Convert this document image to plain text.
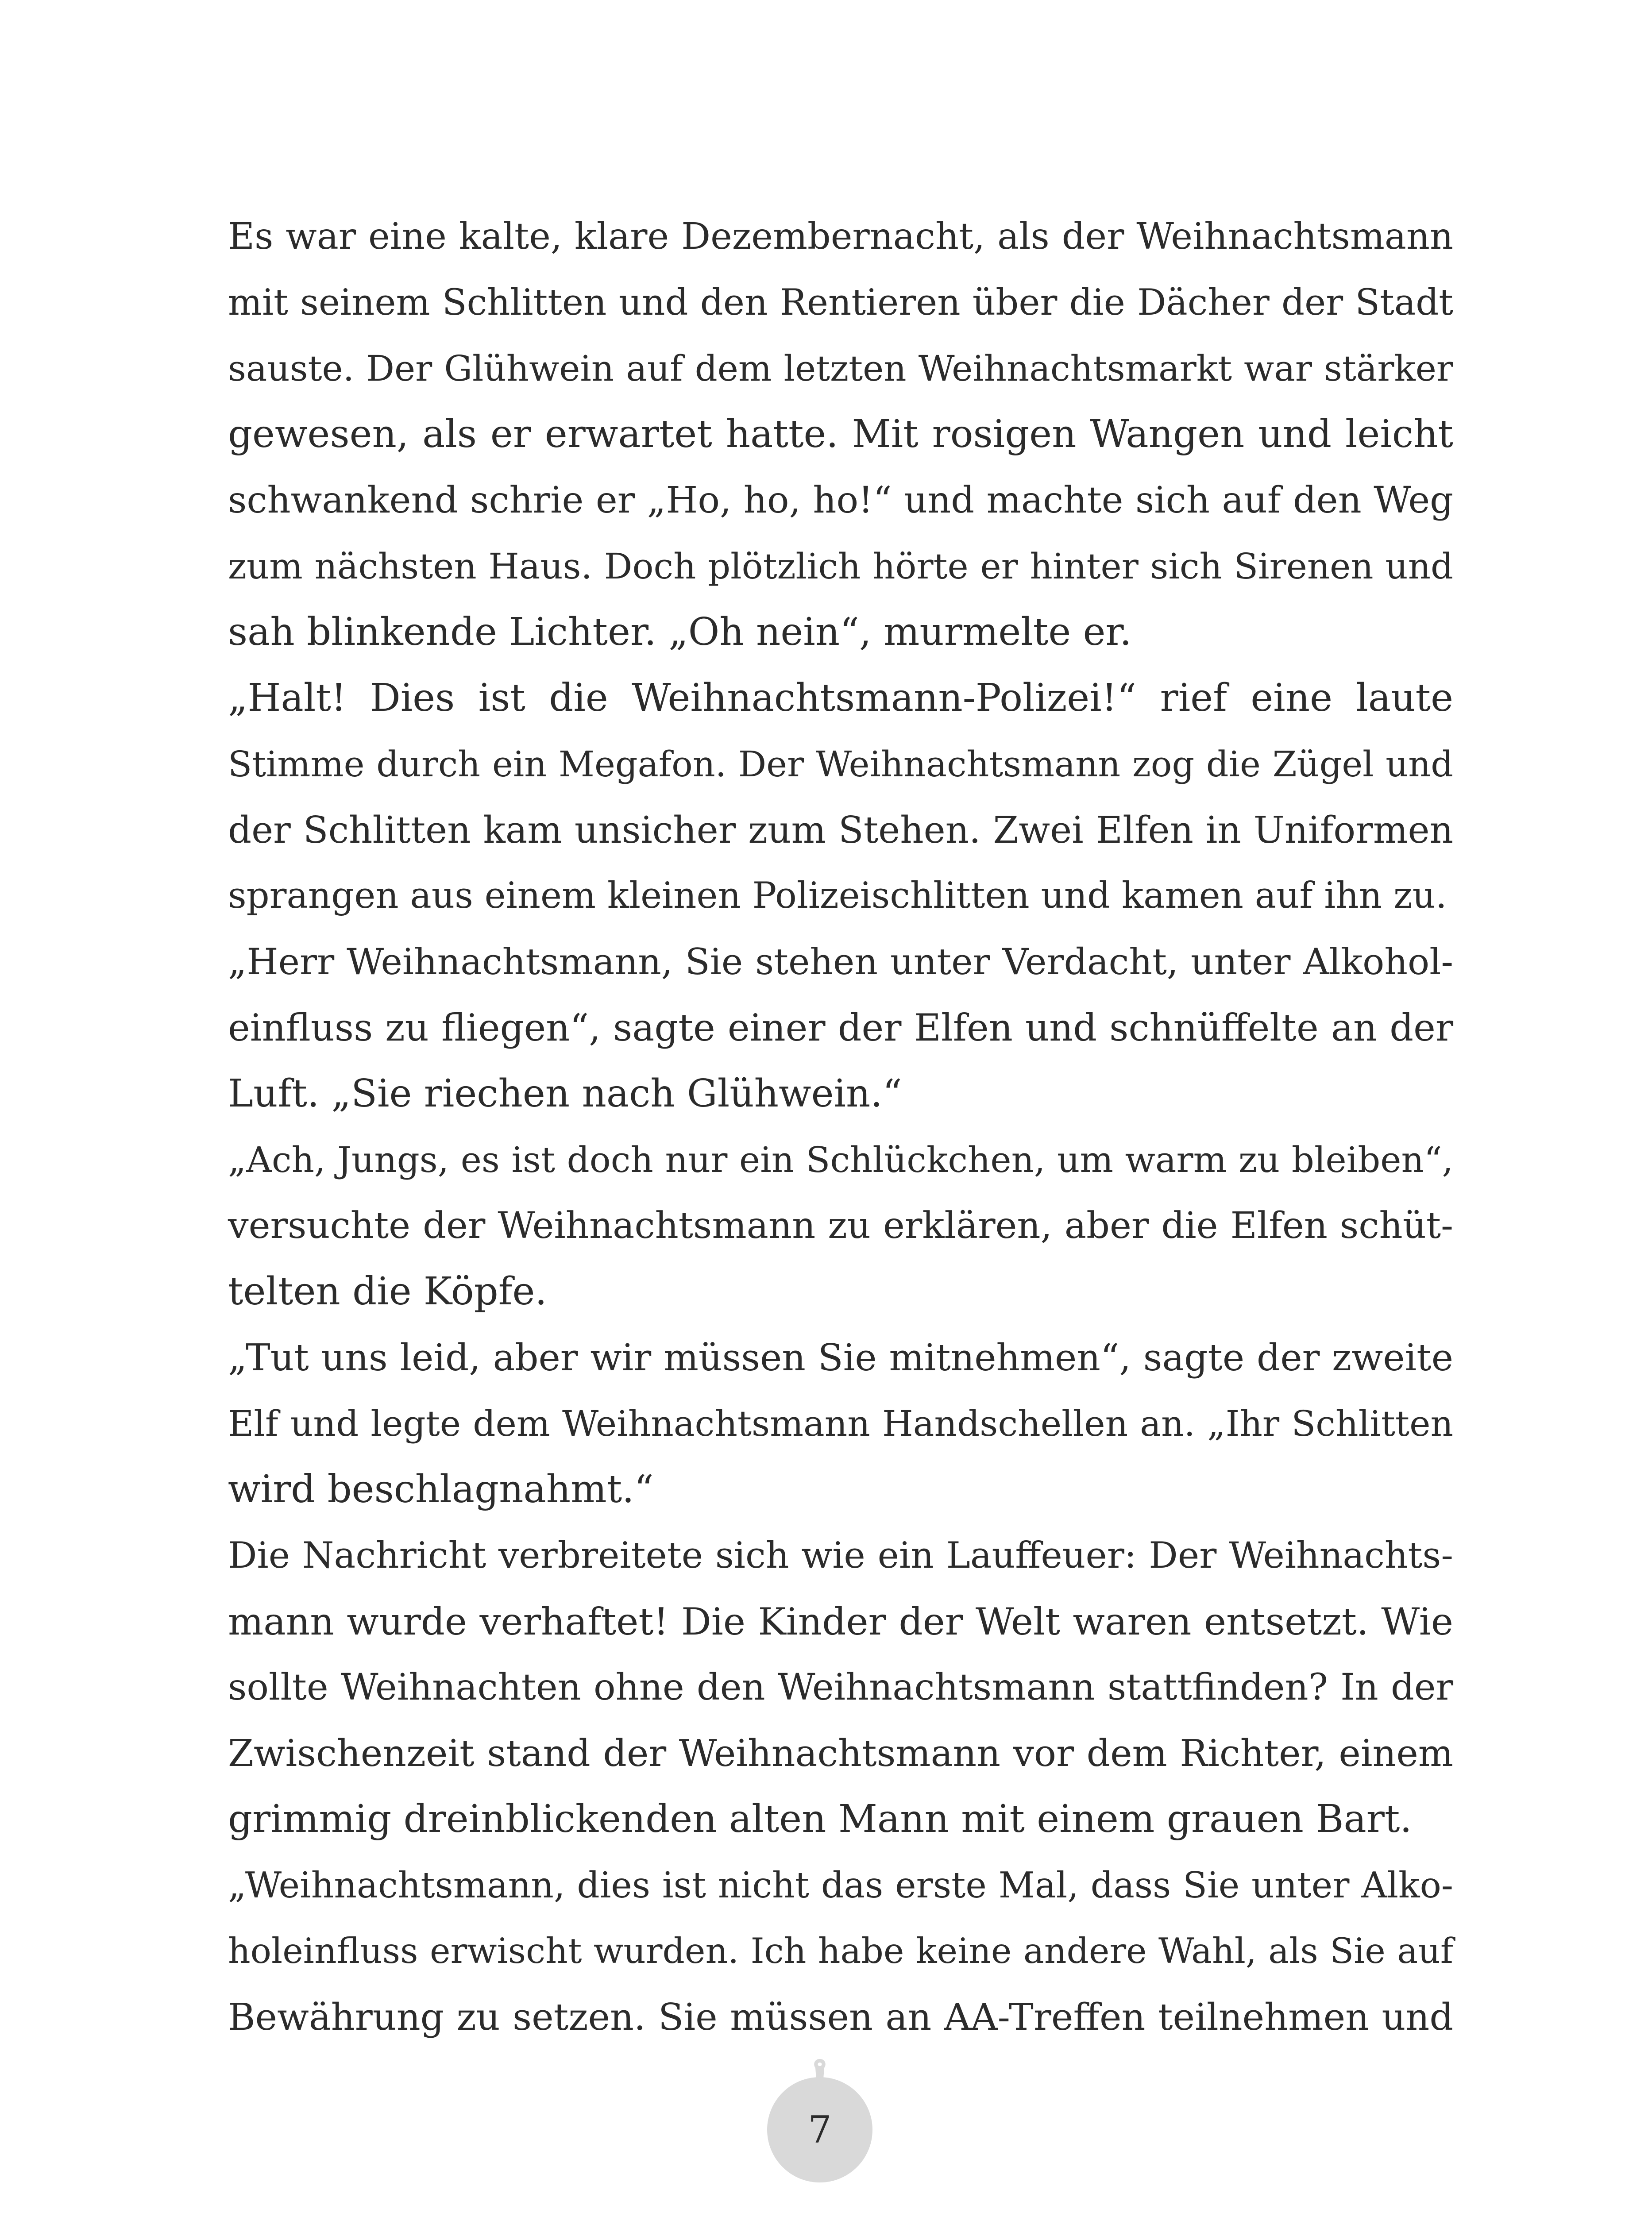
Es war eine kalte, klare Dezembernacht, als der Weihnachtsmann
mit seinem Schlitten und den Rentieren über die Dächer der Stadt
sauste. Der Glühwein auf dem letzten Weihnachtsmarkt war stärker
gewesen, als er erwartet hatte. Mit rosigen Wangen und leicht
schwankend schrie er „Ho, ho, ho!“ und machte sich auf den Weg
zum nächsten Haus. Doch plötzlich hörte er hinter sich Sirenen und
sah blinkende Lichter. „Oh nein“, murmelte er.
„Halt! Dies ist die Weihnachtsmann-Polizei!“ rief eine laute
Stimme durch ein Megafon. Der Weihnachtsmann zog die Zügel und
der Schlitten kam unsicher zum Stehen. Zwei Elfen in Uniformen
sprangen aus einem kleinen Polizeischlitten und kamen auf ihn zu.
„Herr Weihnachtsmann, Sie stehen unter Verdacht, unter Alkohol-
einfluss zu fliegen“, sagte einer der Elfen und schnüffelte an der
Luft. „Sie riechen nach Glühwein.“
„Ach, Jungs, es ist doch nur ein Schlückchen, um warm zu bleiben“,
versuchte der Weihnachtsmann zu erklären, aber die Elfen schüt-
telten die Köpfe.
„Tut uns leid, aber wir müssen Sie mitnehmen“, sagte der zweite
Elf und legte dem Weihnachtsmann Handschellen an. „Ihr Schlitten
wird beschlagnahmt.“
Die Nachricht verbreitete sich wie ein Lauffeuer: Der Weihnachts-
mann wurde verhaftet! Die Kinder der Welt waren entsetzt. Wie
sollte Weihnachten ohne den Weihnachtsmann stattfinden? In der
Zwischenzeit stand der Weihnachtsmann vor dem Richter, einem
grimmig dreinblickenden alten Mann mit einem grauen Bart.
„Weihnachtsmann, dies ist nicht das erste Mal, dass Sie unter Alko-
holeinfluss erwischt wurden. Ich habe keine andere Wahl, als Sie auf
Bewährung zu setzen. Sie müssen an AA-Treffen teilnehmen und
7
